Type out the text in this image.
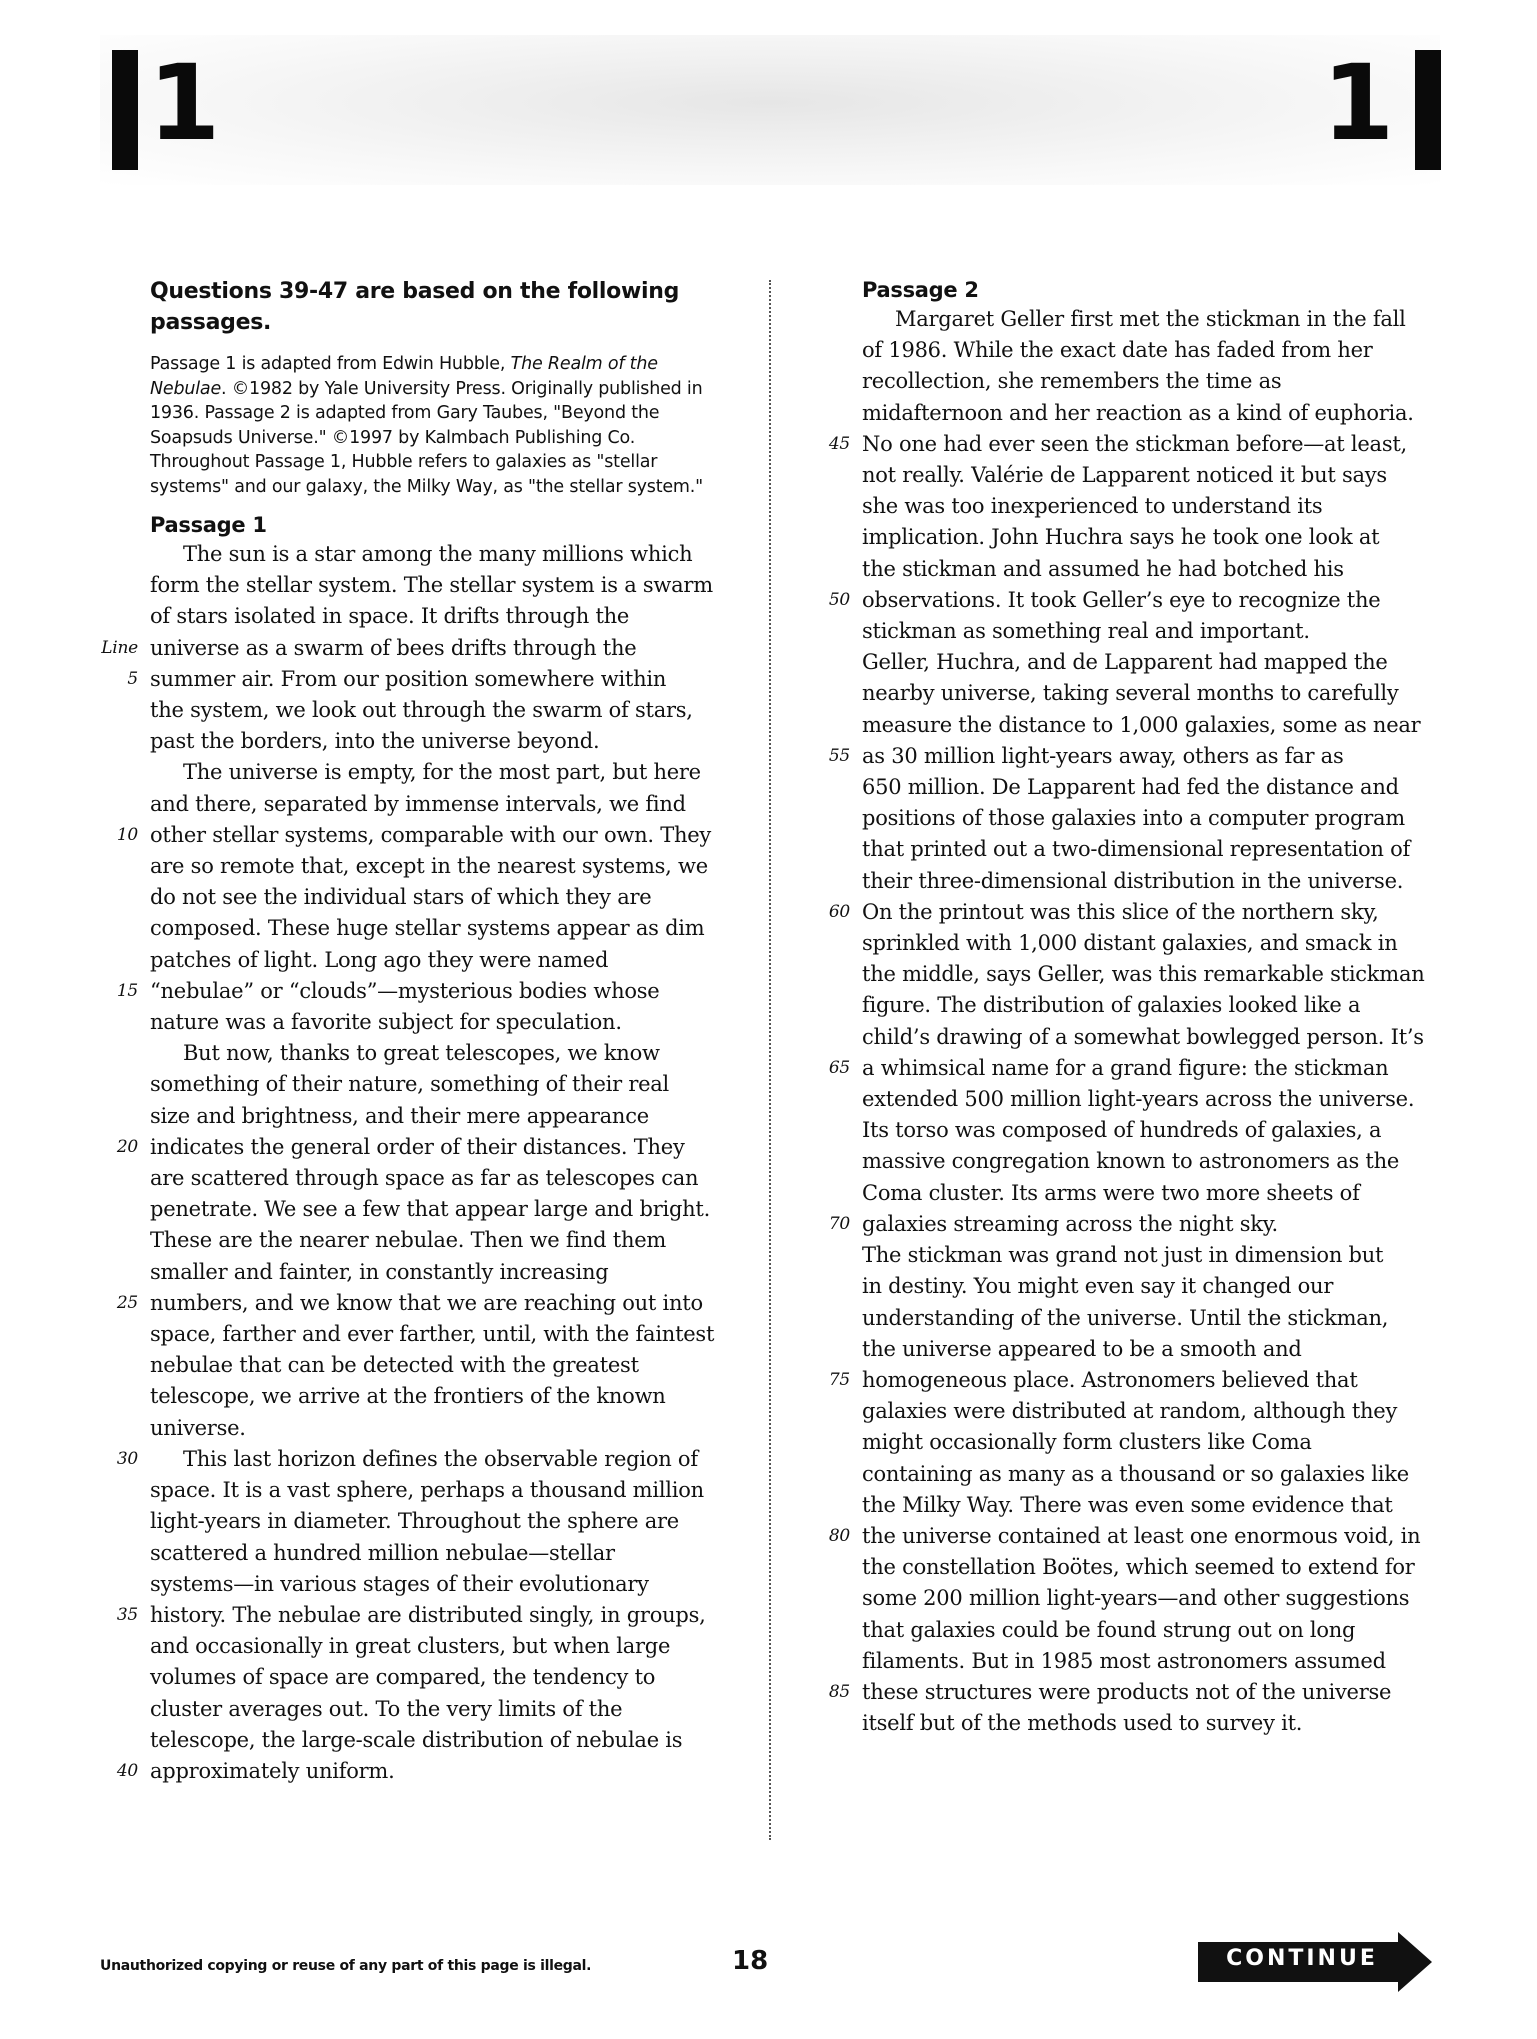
1	1

Questions 39-47 are based on the following passages.

Passage 1 is adapted from Edwin Hubble, The Realm of the Nebulae. ©1982 by Yale University Press. Originally published in 1936. Passage 2 is adapted from Gary Taubes, "Beyond the Soapsuds Universe." ©1997 by Kalmbach Publishing Co. Throughout Passage 1, Hubble refers to galaxies as "stellar systems" and our galaxy, the Milky Way, as "the stellar system."

Passage 1

The sun is a star among the many millions which
form the stellar system. The stellar system is a swarm
of stars isolated in space. It drifts through the
Line universe as a swarm of bees drifts through the
5 summer air. From our position somewhere within
the system, we look out through the swarm of stars,
past the borders, into the universe beyond.
The universe is empty, for the most part, but here
and there, separated by immense intervals, we find
10 other stellar systems, comparable with our own. They
are so remote that, except in the nearest systems, we
do not see the individual stars of which they are
composed. These huge stellar systems appear as dim
patches of light. Long ago they were named
15 “nebulae” or “clouds”—mysterious bodies whose
nature was a favorite subject for speculation.
But now, thanks to great telescopes, we know
something of their nature, something of their real
size and brightness, and their mere appearance
20 indicates the general order of their distances. They
are scattered through space as far as telescopes can
penetrate. We see a few that appear large and bright.
These are the nearer nebulae. Then we find them
smaller and fainter, in constantly increasing
25 numbers, and we know that we are reaching out into
space, farther and ever farther, until, with the faintest
nebulae that can be detected with the greatest
telescope, we arrive at the frontiers of the known
universe.
30 This last horizon defines the observable region of
space. It is a vast sphere, perhaps a thousand million
light-years in diameter. Throughout the sphere are
scattered a hundred million nebulae—stellar
systems—in various stages of their evolutionary
35 history. The nebulae are distributed singly, in groups,
and occasionally in great clusters, but when large
volumes of space are compared, the tendency to
cluster averages out. To the very limits of the
telescope, the large-scale distribution of nebulae is
40 approximately uniform.

Passage 2

Margaret Geller first met the stickman in the fall
of 1986. While the exact date has faded from her
recollection, she remembers the time as
midafternoon and her reaction as a kind of euphoria.
45 No one had ever seen the stickman before—at least,
not really. Valérie de Lapparent noticed it but says
she was too inexperienced to understand its
implication. John Huchra says he took one look at
the stickman and assumed he had botched his
50 observations. It took Geller’s eye to recognize the
stickman as something real and important.
Geller, Huchra, and de Lapparent had mapped the
nearby universe, taking several months to carefully
measure the distance to 1,000 galaxies, some as near
55 as 30 million light-years away, others as far as
650 million. De Lapparent had fed the distance and
positions of those galaxies into a computer program
that printed out a two-dimensional representation of
their three-dimensional distribution in the universe.
60 On the printout was this slice of the northern sky,
sprinkled with 1,000 distant galaxies, and smack in
the middle, says Geller, was this remarkable stickman
figure. The distribution of galaxies looked like a
child’s drawing of a somewhat bowlegged person. It’s
65 a whimsical name for a grand figure: the stickman
extended 500 million light-years across the universe.
Its torso was composed of hundreds of galaxies, a
massive congregation known to astronomers as the
Coma cluster. Its arms were two more sheets of
70 galaxies streaming across the night sky.
The stickman was grand not just in dimension but
in destiny. You might even say it changed our
understanding of the universe. Until the stickman,
the universe appeared to be a smooth and
75 homogeneous place. Astronomers believed that
galaxies were distributed at random, although they
might occasionally form clusters like Coma
containing as many as a thousand or so galaxies like
the Milky Way. There was even some evidence that
80 the universe contained at least one enormous void, in
the constellation Boötes, which seemed to extend for
some 200 million light-years—and other suggestions
that galaxies could be found strung out on long
filaments. But in 1985 most astronomers assumed
85 these structures were products not of the universe
itself but of the methods used to survey it.
Unauthorized copying or reuse of any part of this page is illegal.	18	CONTINUE
